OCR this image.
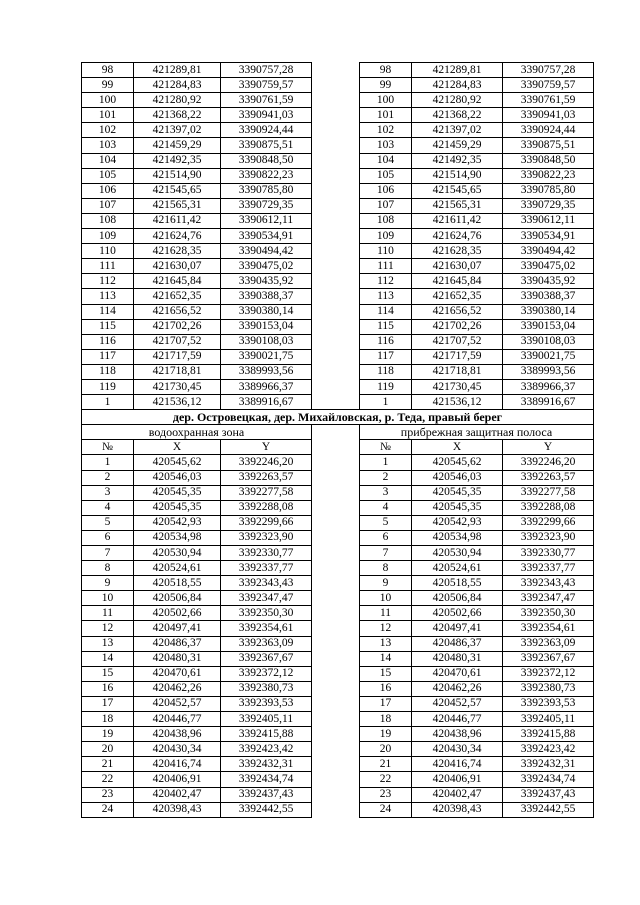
98	421289,81	3390757,28		98	421289,81	3390757,28
99	421284,83	3390759,57		99	421284,83	3390759,57
100	421280,92	3390761,59		100	421280,92	3390761,59
101	421368,22	3390941,03		101	421368,22	3390941,03
102	421397,02	3390924,44		102	421397,02	3390924,44
103	421459,29	3390875,51		103	421459,29	3390875,51
104	421492,35	3390848,50		104	421492,35	3390848,50
105	421514,90	3390822,23		105	421514,90	3390822,23
106	421545,65	3390785,80		106	421545,65	3390785,80
107	421565,31	3390729,35		107	421565,31	3390729,35
108	421611,42	3390612,11		108	421611,42	3390612,11
109	421624,76	3390534,91		109	421624,76	3390534,91
110	421628,35	3390494,42		110	421628,35	3390494,42
111	421630,07	3390475,02		111	421630,07	3390475,02
112	421645,84	3390435,92		112	421645,84	3390435,92
113	421652,35	3390388,37		113	421652,35	3390388,37
114	421656,52	3390380,14		114	421656,52	3390380,14
115	421702,26	3390153,04		115	421702,26	3390153,04
116	421707,52	3390108,03		116	421707,52	3390108,03
117	421717,59	3390021,75		117	421717,59	3390021,75
118	421718,81	3389993,56		118	421718,81	3389993,56
119	421730,45	3389966,37		119	421730,45	3389966,37
1	421536,12	3389916,67		1	421536,12	3389916,67
дер. Островецкая, дер. Михайловская, р. Теда, правый берег						
водоохранная зона				прибрежная защитная полоса		
№	X	Y		№	X	Y
1	420545,62	3392246,20		1	420545,62	3392246,20
2	420546,03	3392263,57		2	420546,03	3392263,57
3	420545,35	3392277,58		3	420545,35	3392277,58
4	420545,35	3392288,08		4	420545,35	3392288,08
5	420542,93	3392299,66		5	420542,93	3392299,66
6	420534,98	3392323,90		6	420534,98	3392323,90
7	420530,94	3392330,77		7	420530,94	3392330,77
8	420524,61	3392337,77		8	420524,61	3392337,77
9	420518,55	3392343,43		9	420518,55	3392343,43
10	420506,84	3392347,47		10	420506,84	3392347,47
11	420502,66	3392350,30		11	420502,66	3392350,30
12	420497,41	3392354,61		12	420497,41	3392354,61
13	420486,37	3392363,09		13	420486,37	3392363,09
14	420480,31	3392367,67		14	420480,31	3392367,67
15	420470,61	3392372,12		15	420470,61	3392372,12
16	420462,26	3392380,73		16	420462,26	3392380,73
17	420452,57	3392393,53		17	420452,57	3392393,53
18	420446,77	3392405,11		18	420446,77	3392405,11
19	420438,96	3392415,88		19	420438,96	3392415,88
20	420430,34	3392423,42		20	420430,34	3392423,42
21	420416,74	3392432,31		21	420416,74	3392432,31
22	420406,91	3392434,74		22	420406,91	3392434,74
23	420402,47	3392437,43		23	420402,47	3392437,43
24	420398,43	3392442,55		24	420398,43	3392442,55
